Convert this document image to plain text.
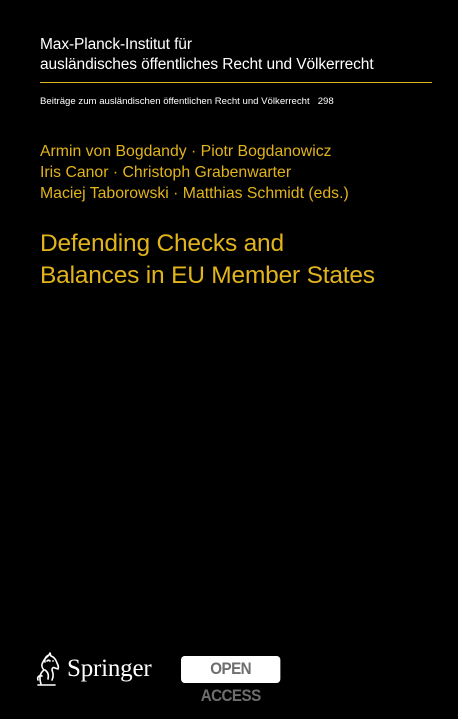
Max-Planck-Institut für
ausländisches öffentliches Recht und Völkerrecht
Beiträge zum ausländischen öffentlichen Recht und Völkerrecht 298
Armin von Bogdandy · Piotr Bogdanowicz
Iris Canor · Christoph Grabenwarter
Maciej Taborowski · Matthias Schmidt (eds.)
Defending Checks and
Balances in EU Member States
Springer	OPEN ACCESS
